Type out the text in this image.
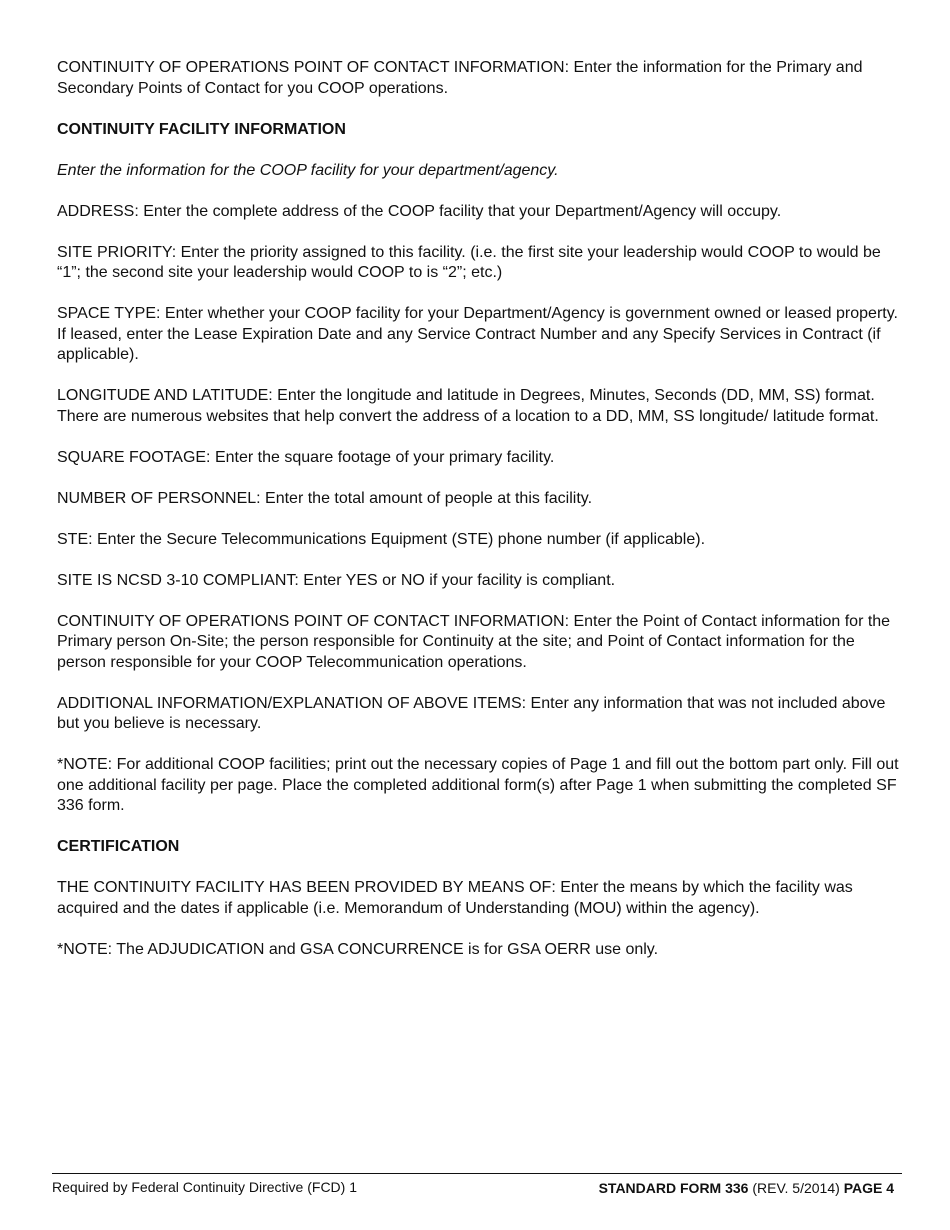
CONTINUITY OF OPERATIONS POINT OF CONTACT INFORMATION: Enter the information for the Primary and Secondary Points of Contact for you COOP operations.

CONTINUITY FACILITY INFORMATION

Enter the information for the COOP facility for your department/agency.

ADDRESS: Enter the complete address of the COOP facility that your Department/Agency will occupy.

SITE PRIORITY: Enter the priority assigned to this facility. (i.e. the first site your leadership would COOP to would be “1”; the second site your leadership would COOP to is “2”; etc.)

SPACE TYPE: Enter whether your COOP facility for your Department/Agency is government owned or leased property. If leased, enter the Lease Expiration Date and any Service Contract Number and any Specify Services in Contract (if applicable).

LONGITUDE AND LATITUDE: Enter the longitude and latitude in Degrees, Minutes, Seconds (DD, MM, SS) format. There are numerous websites that help convert the address of a location to a DD, MM, SS longitude/ latitude format.

SQUARE FOOTAGE: Enter the square footage of your primary facility.

NUMBER OF PERSONNEL: Enter the total amount of people at this facility.

STE: Enter the Secure Telecommunications Equipment (STE) phone number (if applicable).

SITE IS NCSD 3-10 COMPLIANT: Enter YES or NO if your facility is compliant.

CONTINUITY OF OPERATIONS POINT OF CONTACT INFORMATION: Enter the Point of Contact information for the Primary person On-Site; the person responsible for Continuity at the site; and Point of Contact information for the person responsible for your COOP Telecommunication operations.

ADDITIONAL INFORMATION/EXPLANATION OF ABOVE ITEMS: Enter any information that was not included above but you believe is necessary.

*NOTE: For additional COOP facilities; print out the necessary copies of Page 1 and fill out the bottom part only. Fill out one additional facility per page. Place the completed additional form(s) after Page 1 when submitting the completed SF 336 form.

CERTIFICATION

THE CONTINUITY FACILITY HAS BEEN PROVIDED BY MEANS OF: Enter the means by which the facility was acquired and the dates if applicable (i.e. Memorandum of Understanding (MOU) within the agency).

*NOTE: The ADJUDICATION and GSA CONCURRENCE is for GSA OERR use only.

Required by Federal Continuity Directive (FCD) 1	STANDARD FORM 336 (REV. 5/2014) PAGE 4
